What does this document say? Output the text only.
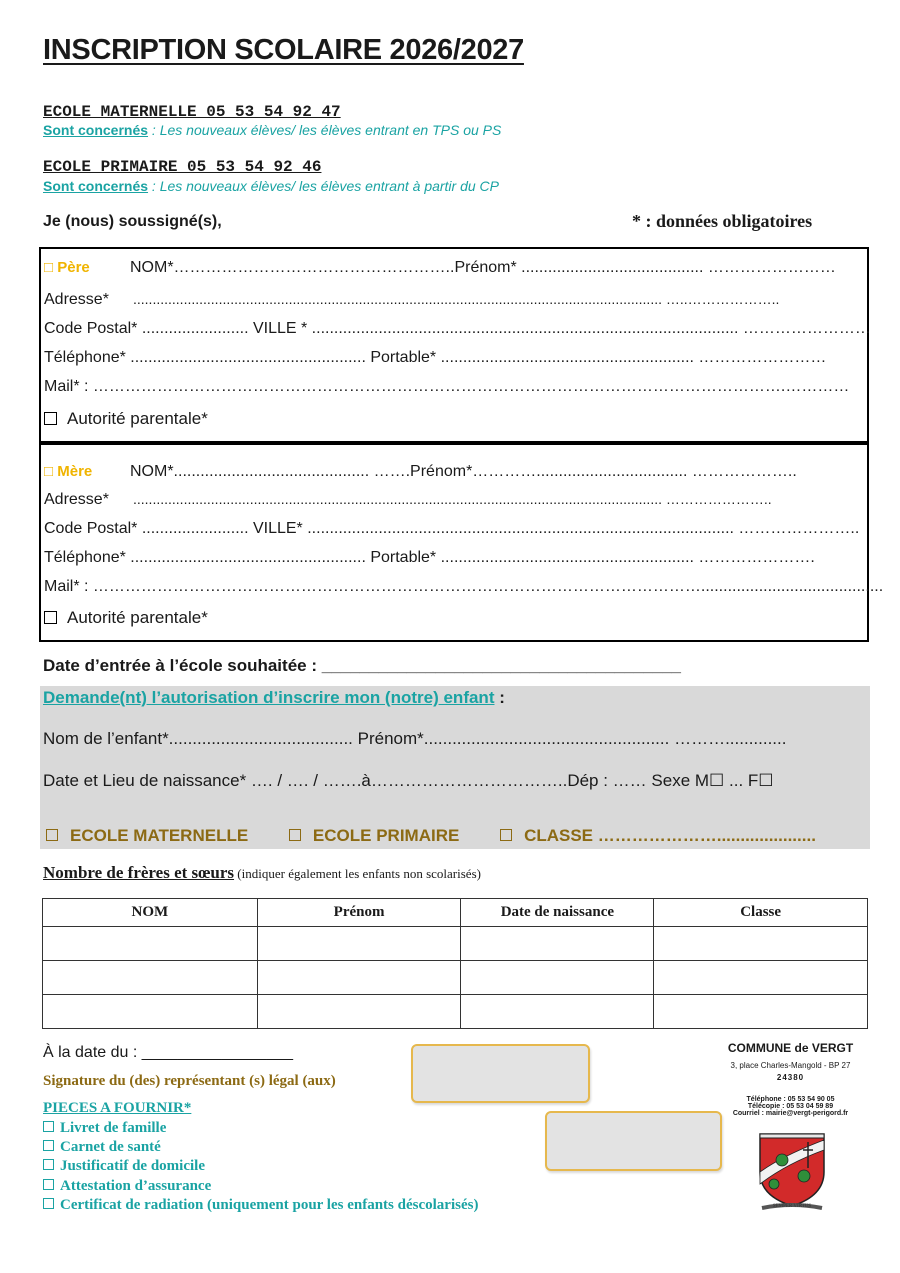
INSCRIPTION SCOLAIRE 2026/2027
ECOLE MATERNELLE 05 53 54 92 47
Sont concernés : Les nouveaux élèves/ les élèves entrant en TPS ou PS
ECOLE PRIMAIRE 05 53 54 92 46
Sont concernés : Les nouveaux élèves/ les élèves entrant à partir du CP
Je (nous) soussigné(s),	* : données obligatoires
□ Père	NOM*……………………………………………..Prénom* ......................................... ……………………
Adresse* ........................................................................................................................................ …..………………..
Code Postal* ........................ VILLE * ................................................................................................ ……………………
Téléphone* ..................................................... Portable* ......................................................... ……………………
Mail* : ………………………………………………………………………………………………………………….…………
Autorité parentale*
□ Mère NOM*............................................ …….Prénom*………….................................. ………………..
Adresse* ........................................................................................................................................ …………………..
Code Postal* ........................ VILLE* ................................................................................................ …………………..
Téléphone* ..................................................... Portable* ......................................................... ………………….
Mail* : …………………………………………………………………………………………………….........................................
Autorité parentale*
Date d’entrée à l’école souhaitée : ______________________________________
Demande(nt) l’autorisation d’inscrire mon (notre) enfant :
Nom de l’enfant*....................................... Prénom*.................................................... ……….............
Date et Lieu de naissance* …. / …. / …….à……………………………..Dép : …… Sexe M☐ ... F☐
ECOLE MATERNELLE	ECOLE PRIMAIRE	CLASSE ………………….....................
Nombre de frères et sœurs (indiquer également les enfants non scolarisés)
NOM	Prénom	Date de naissance	Classe

À la date du : _________________
Signature du (des) représentant (s) légal (aux)
PIECES A FOURNIR*
Livret de famille
Carnet de santé
Justificatif de domicile
Attestation d’assurance
Certificat de radiation (uniquement pour les enfants déscolarisés)
COMMUNE de VERGT
3, place Charles-Mangold - BP 27
24380
Téléphone : 05 53 54 90 05
Télécopie : 05 53 04 59 89
Courriel : mairie@vergt-perigord.fr
SEMPER VIRTUS
